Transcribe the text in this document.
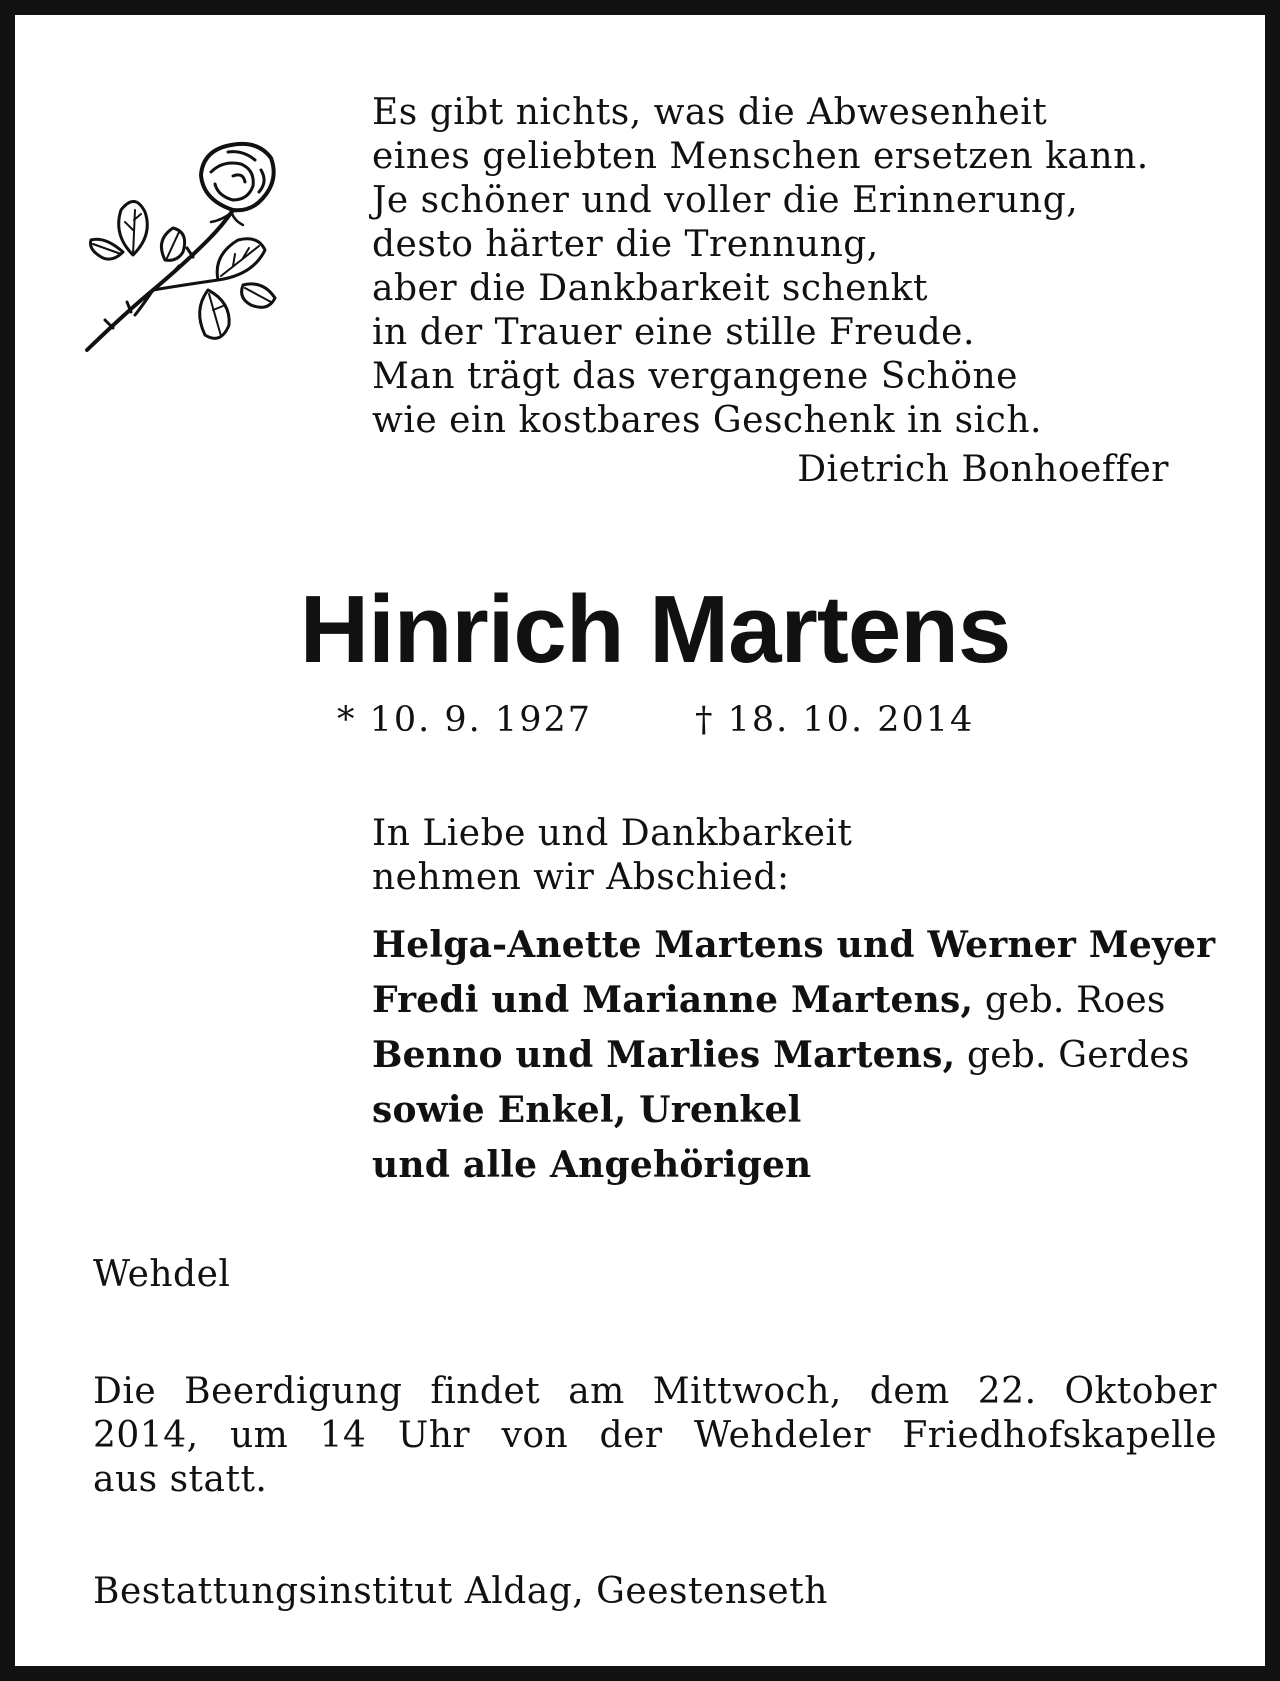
Es gibt nichts, was die Abwesenheit
eines geliebten Menschen ersetzen kann.
Je schöner und voller die Erinnerung,
desto härter die Trennung,
aber die Dankbarkeit schenkt
in der Trauer eine stille Freude.
Man trägt das vergangene Schöne
wie ein kostbares Geschenk in sich.
Dietrich Bonhoeffer
Hinrich Martens
* 10. 9. 1927	† 18. 10. 2014
In Liebe und Dankbarkeit
nehmen wir Abschied:
Helga-Anette Martens und Werner Meyer
Fredi und Marianne Martens, geb. Roes
Benno und Marlies Martens, geb. Gerdes
sowie Enkel, Urenkel
und alle Angehörigen
Wehdel
Die Beerdigung findet am Mittwoch, dem 22. Oktober
2014, um 14 Uhr von der Wehdeler Friedhofskapelle
aus statt.
Bestattungsinstitut Aldag, Geestenseth
